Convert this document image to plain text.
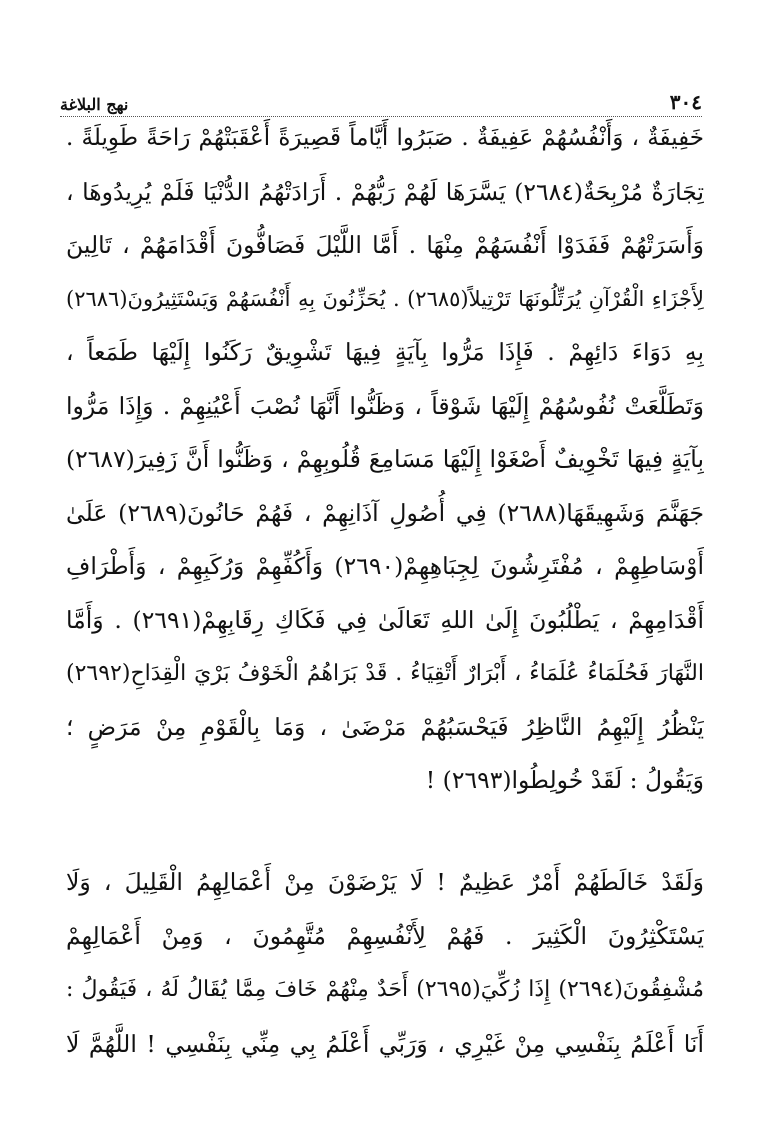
٣٠٤
نهج البلاغة
خَفِيفَةٌ ، وَأَنْفُسُهُمْ عَفِيفَةٌ . صَبَرُوا أَيَّاماً قَصِيرَةً أَعْقَبَتْهُمْ رَاحَةً طَوِيلَةً .
تِجَارَةٌ مُرْبِحَةٌ(٢٦٨٤) يَسَّرَهَا لَهُمْ رَبُّهُمْ . أَرَادَتْهُمُ الدُّنْيَا فَلَمْ يُرِيدُوهَا ،
وَأَسَرَتْهُمْ فَفَدَوْا أَنْفُسَهُمْ مِنْهَا . أَمَّا اللَّيْلَ فَصَافُّونَ أَقْدَامَهُمْ ، تَالِينَ
لِأَجْزَاءِ الْقُرْآنِ يُرَتِّلُونَهَا تَرْتِيلاً(٢٦٨٥) . يُحَزِّنُونَ بِهِ أَنْفُسَهُمْ وَيَسْتَثِيرُونَ(٢٦٨٦)
بِهِ دَوَاءَ دَائِهِمْ . فَإِذَا مَرُّوا بِآيَةٍ فِيهَا تَشْوِيقٌ رَكَنُوا إِلَيْهَا طَمَعاً ،
وَتَطَلَّعَتْ نُفُوسُهُمْ إِلَيْهَا شَوْقاً ، وَظَنُّوا أَنَّهَا نُصْبَ أَعْيُنِهِمْ . وَإِذَا مَرُّوا
بِآيَةٍ فِيهَا تَخْوِيفٌ أَصْغَوْا إِلَيْهَا مَسَامِعَ قُلُوبِهِمْ ، وَظَنُّوا أَنَّ زَفِيرَ(٢٦٨٧)
جَهَنَّمَ وَشَهِيقَهَا(٢٦٨٨) فِي أُصُولِ آذَانِهِمْ ، فَهُمْ حَانُونَ(٢٦٨٩) عَلَىٰ
أَوْسَاطِهِمْ ، مُفْتَرِشُونَ لِجِبَاهِهِمْ(٢٦٩٠) وَأَكُفِّهِمْ وَرُكَبِهِمْ ، وَأَطْرَافِ
أَقْدَامِهِمْ ، يَطْلُبُونَ إِلَىٰ اللهِ تَعَالَىٰ فِي فَكَاكِ رِقَابِهِمْ(٢٦٩١) . وَأَمَّا
النَّهَارَ فَحُلَمَاءُ عُلَمَاءُ ، أَبْرَارٌ أَتْقِيَاءُ . قَدْ بَرَاهُمُ الْخَوْفُ بَرْيَ الْقِدَاحِ(٢٦٩٢)
يَنْظُرُ إِلَيْهِمُ النَّاظِرُ فَيَحْسَبُهُمْ مَرْضَىٰ ، وَمَا بِالْقَوْمِ مِنْ مَرَضٍ ؛
وَيَقُولُ : لَقَدْ خُولِطُوا(٢٦٩٣) !
وَلَقَدْ خَالَطَهُمْ أَمْرٌ عَظِيمٌ ! لَا يَرْضَوْنَ مِنْ أَعْمَالِهِمُ الْقَلِيلَ ، وَلَا
يَسْتَكْثِرُونَ الْكَثِيرَ . فَهُمْ لِأَنْفُسِهِمْ مُتَّهِمُونَ ، وَمِنْ أَعْمَالِهِمْ
مُشْفِقُونَ(٢٦٩٤) إِذَا زُكِّيَ(٢٦٩٥) أَحَدٌ مِنْهُمْ خَافَ مِمَّا يُقَالُ لَهُ ، فَيَقُولُ :
أَنَا أَعْلَمُ بِنَفْسِي مِنْ غَيْرِي ، وَرَبِّي أَعْلَمُ بِي مِنِّي بِنَفْسِي ! اللَّهُمَّ لَا
